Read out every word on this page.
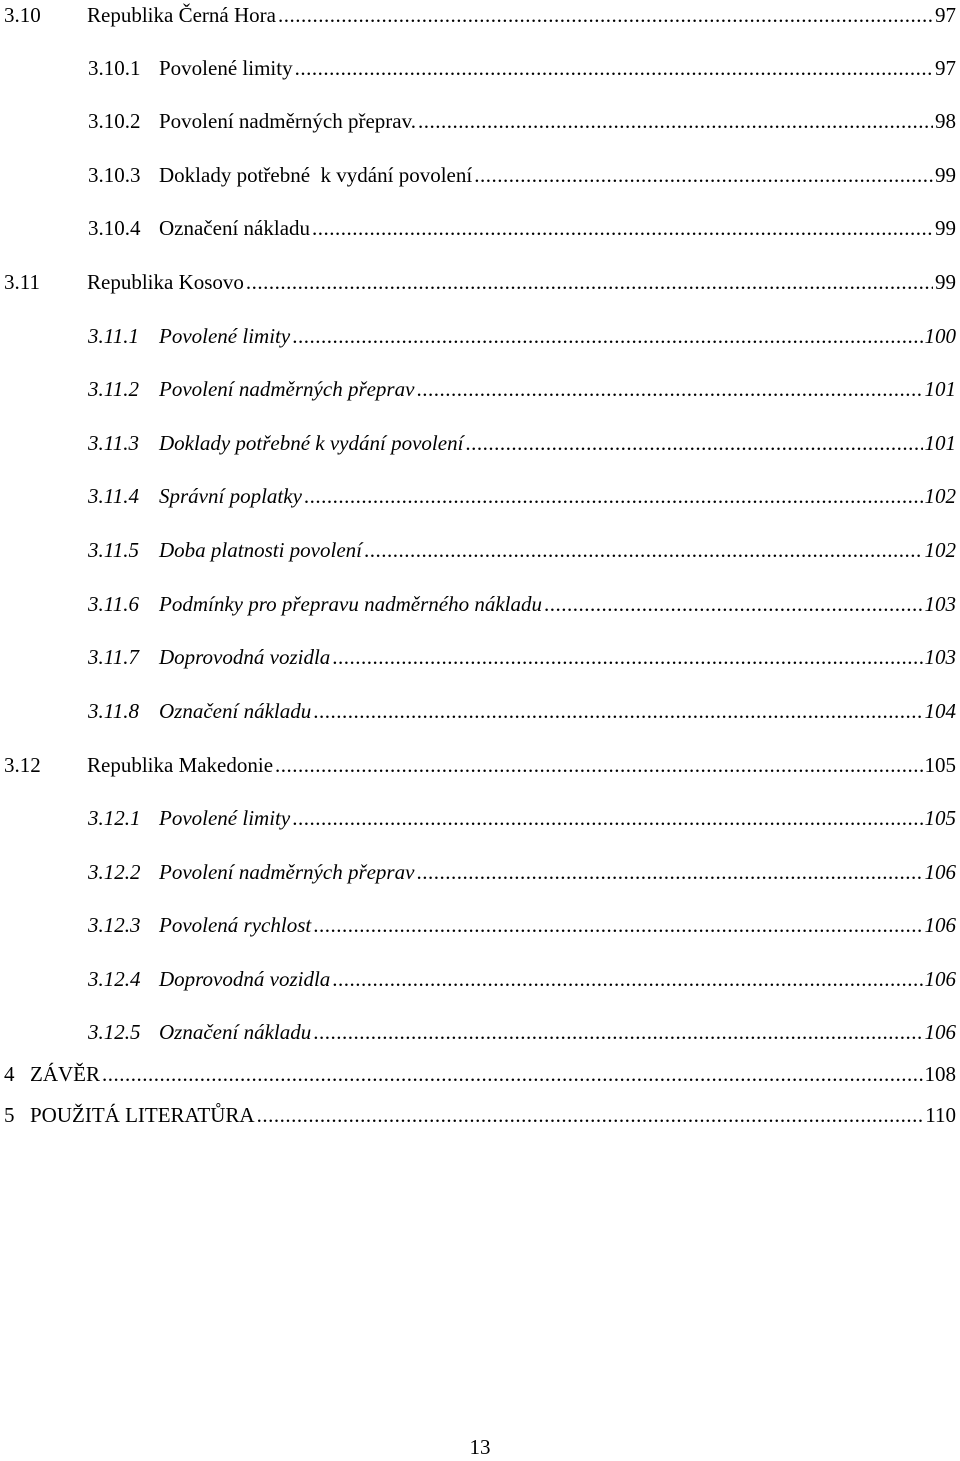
3.10	Republika Černá Hora .....	97
3.10.1 Povolené limity .....	97
3.10.2 Povolení nadměrných přeprav. .....	98
3.10.3 Doklady potřebné  k vydání povolení .....	99
3.10.4 Označení nákladu .....	99
3.11	Republika Kosovo .....	99
3.11.1 Povolené limity .....	100
3.11.2 Povolení nadměrných přeprav .....	101
3.11.3 Doklady potřebné k vydání povolení .....	101
3.11.4 Správní poplatky .....	102
3.11.5 Doba platnosti povolení .....	102
3.11.6 Podmínky pro přepravu nadměrného nákladu .....	103
3.11.7 Doprovodná vozidla .....	103
3.11.8 Označení nákladu .....	104
3.12	Republika Makedonie .....	105
3.12.1 Povolené limity .....	105
3.12.2 Povolení nadměrných přeprav .....	106
3.12.3 Povolená rychlost .....	106
3.12.4 Doprovodná vozidla .....	106
3.12.5 Označení nákladu .....	106
4 ZÁVĚR .....	108
5 POUŽITÁ LITERATŮRA .....	110
13
